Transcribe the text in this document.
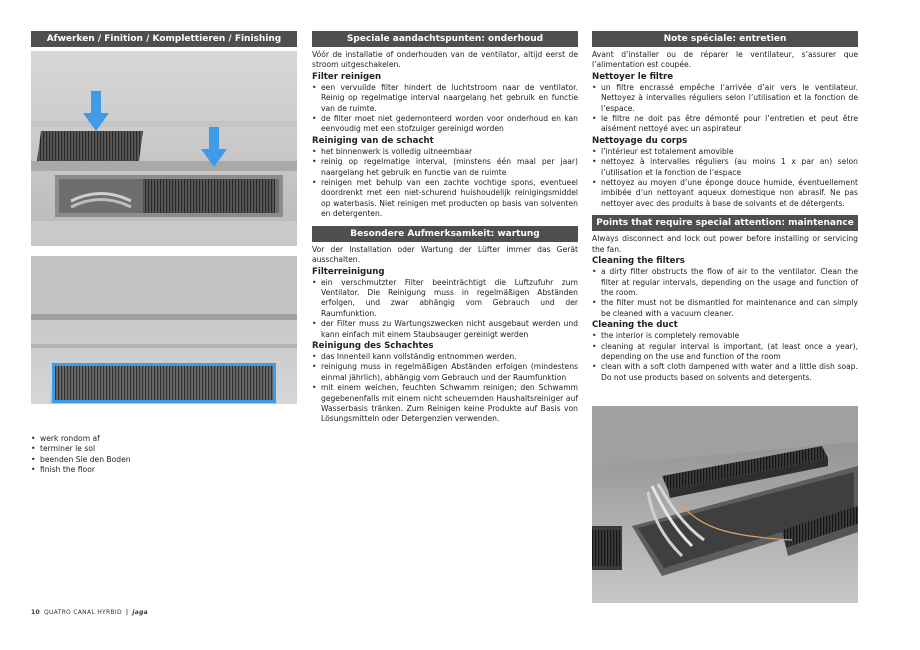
Afwerken / Finition / Komplettieren / Finishing
• werk rondom af
• terminer le sol
• beenden Sie den Boden
• finish the floor
Speciale aandachtspunten: onderhoud

Vóór de installatie of onderhouden van de ventilator, altijd eerst de stroom uitgeschakelen.

Filter reinigen

• een vervuilde filter hindert de luchtstroom naar de ventilator. Reinig op regelmatige interval naargelang het gebruik en functie van de ruimte.
• de filter moet niet gedemonteerd worden voor onderhoud en kan eenvoudig met een stofzuiger gereinigd worden

Reiniging van de schacht

• het binnenwerk is volledig uitneembaar
• reinig op regelmatige interval, (minstens één maal per jaar) naargelang het gebruik en functie van de ruimte
• reinigen met behulp van een zachte vochtige spons, eventueel doordrenkt met een niet-schurend huishoudelijk reinigingsmiddel op waterbasis. Niet reinigen met producten op basis van solventen en detergenten.
Besondere Aufmerksamkeit: wartung

Vor der Installation oder Wartung der Lüfter immer das Gerät ausschalten.

Filterreinigung

• ein verschmutzter Filter beeinträchtigt die Luftzufuhr zum Ventilator. Die Reinigung muss in regelmäßigen Abständen erfolgen, und zwar abhängig vom Gebrauch und der Raumfunktion.
• der Filter muss zu Wartungszwecken nicht ausgebaut werden und kann einfach mit einem Staubsauger gereinigt werden

Reinigung des Schachtes

• das Innenteil kann vollständig entnommen werden.
• reinigung muss in regelmäßigen Abständen erfolgen (mindestens einmal jährlich), abhängig vom Gebrauch und der Raumfunktion
• mit einem weichen, feuchten Schwamm reinigen; den Schwamm gegebenenfalls mit einem nicht scheuernden Haushaltsreiniger auf Wasserbasis tränken. Zum Reinigen keine Produkte auf Basis von Lösungsmitteln oder Detergenzien verwenden.
Note spéciale: entretien

Avant d’installer ou de réparer le ventilateur, s’assurer que l’alimentation est coupée.

Nettoyer le filtre

• un filtre encrassé empêche l’arrivée d’air vers le ventilateur. Nettoyez à intervalles réguliers selon l’utilisation et la fonction de l’espace.
• le filtre ne doit pas être démonté pour l’entretien et peut être aisément nettoyé avec un aspirateur

Nettoyage du corps

• l’intérieur est totalement amovible
• nettoyez à intervalles réguliers (au moins 1 x par an) selon l’utilisation et la fonction de l’espace
• nettoyez au moyen d’une éponge douce humide, éventuellement imbibée d’un nettoyant aqueux domestique non abrasif. Ne pas nettoyer avec des produits à base de solvants et de détergents.
Points that require special attention: maintenance

Always disconnect and lock out power before installing or servicing the fan.

Cleaning the filters

• a dirty filter obstructs the flow of air to the ventilator. Clean the filter at regular intervals, depending on the usage and function of the room.
• the filter must not be dismantled for maintenance and can simply be cleaned with a vacuum cleaner.

Cleaning the duct

• the interior is completely removable
• cleaning at regular interval is important, (at least once a year), depending on the use and function of the room
• clean with a soft cloth dampened with water and a little dish soap. Do not use products based on solvents and detergents.
10 QUATRO CANAL HYRBID | jaga
